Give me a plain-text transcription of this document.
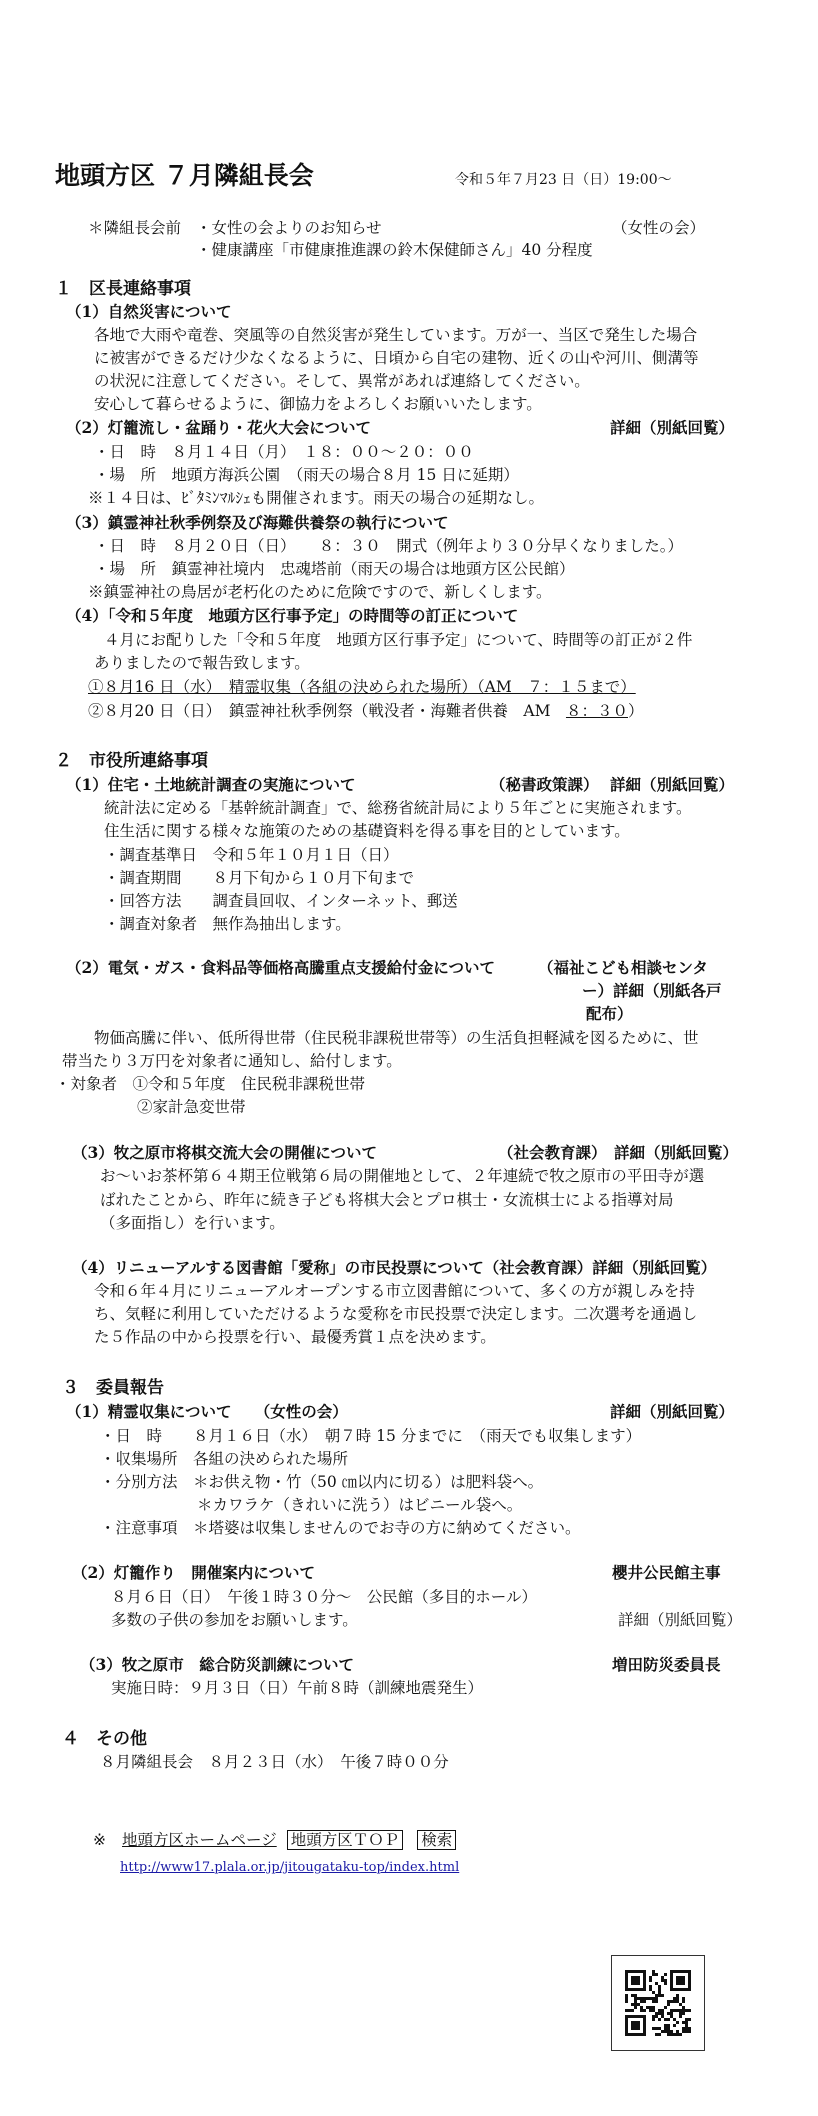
地頭方区 ７月隣組長会	令和５年７月23 日（日）19:00～
＊隣組長会前 ・女性の会よりのお知らせ	（女性の会）
・健康講座「市健康推進課の鈴木保健師さん」40 分程度
１　区長連絡事項
（1）自然災害について
各地で大雨や竜巻、突風等の自然災害が発生しています。万が一、当区で発生した場合
に被害ができるだけ少なくなるように、日頃から自宅の建物、近くの山や河川、側溝等
の状況に注意してください。そして、異常があれば連絡してください。
安心して暮らせるように、御協力をよろしくお願いいたします。
（2）灯籠流し・盆踊り・花火大会について	詳細（別紙回覧）
・日　時　８月１４日（月）　１８：００～２０：００
・場　所　地頭方海浜公園　（雨天の場合８月 15 日に延期）
※１４日は、ﾋﾞﾀﾐﾝﾏﾙｼｪも開催されます。雨天の場合の延期なし。
（3）鎮霊神社秋季例祭及び海難供養祭の執行について
・日　時　８月２０日（日）　　８：３０　開式（例年より３０分早くなりました。）
・場　所　鎮霊神社境内　忠魂塔前（雨天の場合は地頭方区公民館）
※鎮霊神社の鳥居が老朽化のために危険ですので、新しくします。
（4）「令和５年度　地頭方区行事予定」の時間等の訂正について
４月にお配りした「令和５年度　地頭方区行事予定」について、時間等の訂正が２件
ありましたので報告致します。
①８月16 日（水）　精霊収集（各組の決められた場所）（AM　７：１５まで）
②８月20 日（日）　鎮霊神社秋季例祭（戦没者・海難者供養　AM　８：３０）
２　市役所連絡事項
（1）住宅・土地統計調査の実施について	（秘書政策課） 詳細（別紙回覧）
統計法に定める「基幹統計調査」で、総務省統計局により５年ごとに実施されます。
住生活に関する様々な施策のための基礎資料を得る事を目的としています。
・調査基準日　令和５年１０月１日（日）
・調査期間　　８月下旬から１０月下旬まで
・回答方法　　調査員回収、インターネット、郵送
・調査対象者　無作為抽出します。
（2）電気・ガス・食料品等価格高騰重点支援給付金について	（福祉こども相談センタ
ー）詳細（別紙各戸
配布）
物価高騰に伴い、低所得世帯（住民税非課税世帯等）の生活負担軽減を図るために、世
帯当たり３万円を対象者に通知し、給付します。
・対象者　①令和５年度　住民税非課税世帯
②家計急変世帯
（3）牧之原市将棋交流大会の開催について	（社会教育課） 詳細（別紙回覧）
お～いお茶杯第６４期王位戦第６局の開催地として、２年連続で牧之原市の平田寺が選
ばれたことから、昨年に続き子ども将棋大会とプロ棋士・女流棋士による指導対局
（多面指し）を行います。
（4）リニューアルする図書館「愛称」の市民投票について（社会教育課）詳細（別紙回覧）
令和６年４月にリニューアルオープンする市立図書館について、多くの方が親しみを持
ち、気軽に利用していただけるような愛称を市民投票で決定します。二次選考を通過し
た５作品の中から投票を行い、最優秀賞１点を決めます。
３　委員報告
（1）精霊収集について　　（女性の会）	詳細（別紙回覧）
・日　時　　８月１６日（水）　朝７時 15 分までに　（雨天でも収集します）
・収集場所　各組の決められた場所
・分別方法　＊お供え物・竹（50 ㎝以内に切る）は肥料袋へ。
＊カワラケ（きれいに洗う）はビニール袋へ。
・注意事項　＊塔婆は収集しませんのでお寺の方に納めてください。
（2）灯籠作り　開催案内について	櫻井公民館主事
８月６日（日）　午後１時３０分～　公民館（多目的ホール）
多数の子供の参加をお願いします。	詳細（別紙回覧）
（3）牧之原市　総合防災訓練について	増田防災委員長
実施日時：９月３日（日）午前８時（訓練地震発生）
４　その他
８月隣組長会　８月２３日（水）　午後７時００分
※ 地頭方区ホームページ 地頭方区ＴＯＰ 検索
http://www17.plala.or.jp/jitougataku-top/index.html
